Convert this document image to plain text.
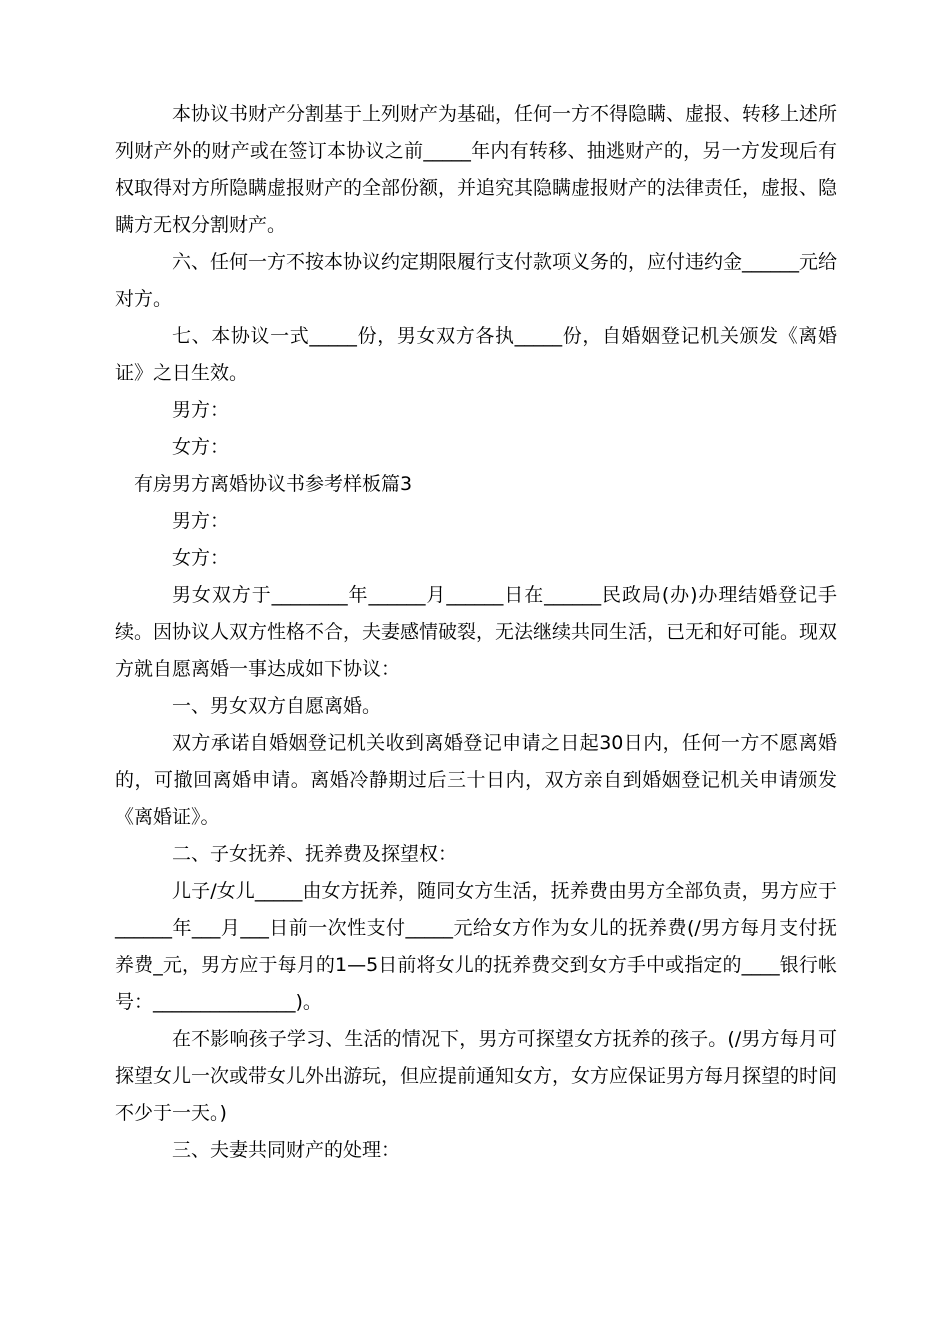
本协议书财产分割基于上列财产为基础，任何一方不得隐瞒、虚报、转移上述所列财产外的财产或在签订本协议之前_____年内有转移、抽逃财产的，另一方发现后有权取得对方所隐瞒虚报财产的全部份额，并追究其隐瞒虚报财产的法律责任，虚报、隐瞒方无权分割财产。

六、任何一方不按本协议约定期限履行支付款项义务的，应付违约金______元给对方。

七、本协议一式_____份，男女双方各执_____份，自婚姻登记机关颁发《离婚证》之日生效。

男方：

女方：

有房男方离婚协议书参考样板篇3

男方：

女方：

男女双方于________年______月______日在______民政局(办)办理结婚登记手续。因协议人双方性格不合，夫妻感情破裂，无法继续共同生活，已无和好可能。现双方就自愿离婚一事达成如下协议：

一、男女双方自愿离婚。

双方承诺自婚姻登记机关收到离婚登记申请之日起30日内，任何一方不愿离婚的，可撤回离婚申请。离婚冷静期过后三十日内，双方亲自到婚姻登记机关申请颁发《离婚证》。

二、子女抚养、抚养费及探望权：

儿子/女儿_____由女方抚养，随同女方生活，抚养费由男方全部负责，男方应于______年___月___日前一次性支付_____元给女方作为女儿的抚养费(/男方每月支付抚养费_元，男方应于每月的1—5日前将女儿的抚养费交到女方手中或指定的____银行帐号：_______________)。

在不影响孩子学习、生活的情况下，男方可探望女方抚养的孩子。(/男方每月可探望女儿一次或带女儿外出游玩，但应提前通知女方，女方应保证男方每月探望的时间不少于一天。)

三、夫妻共同财产的处理：
